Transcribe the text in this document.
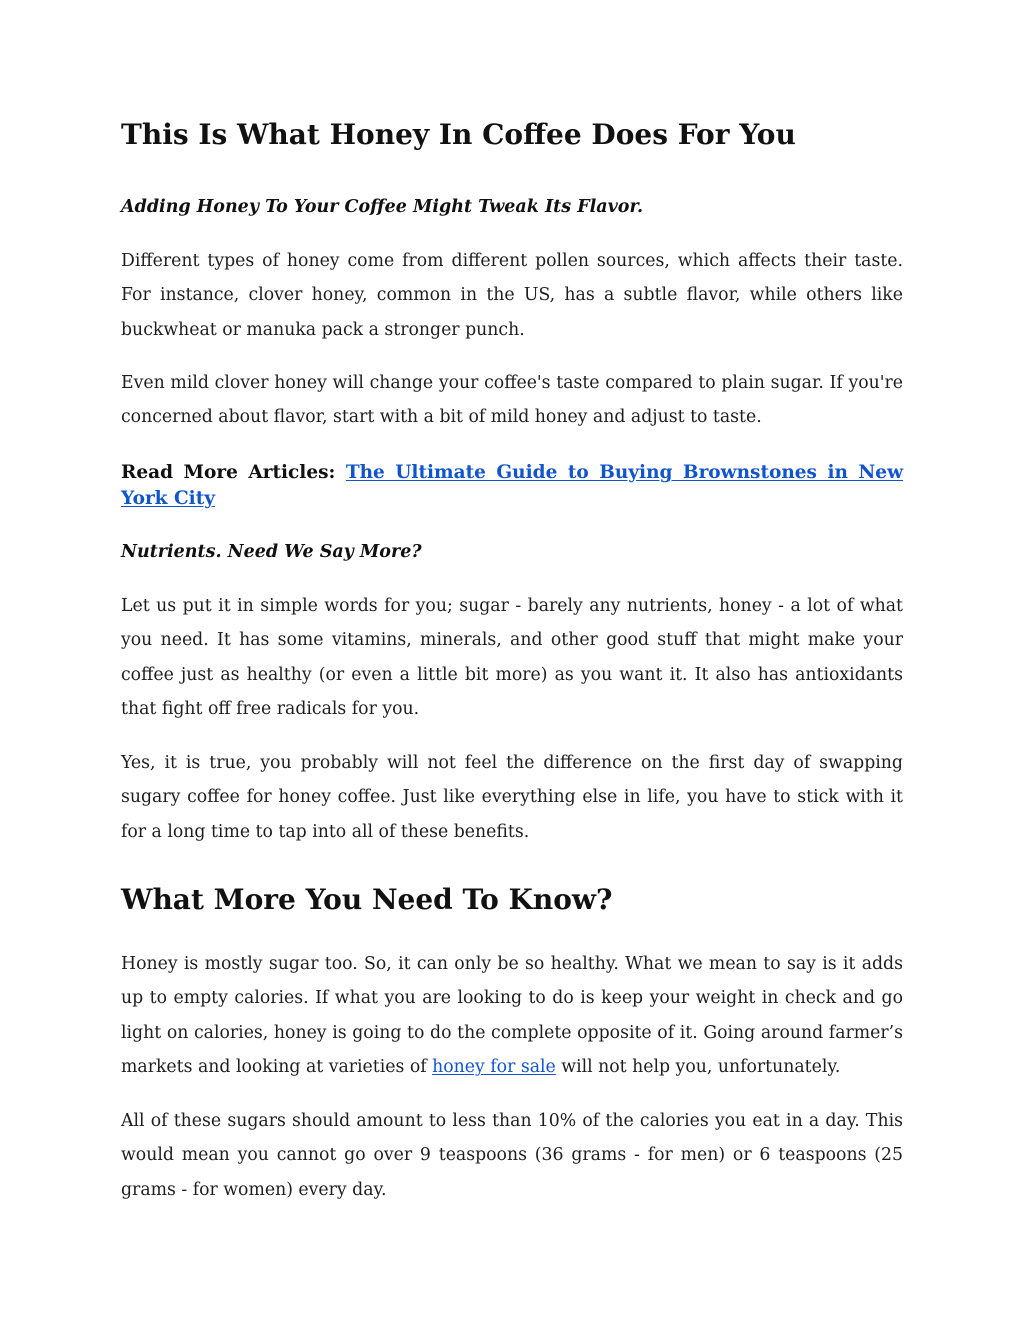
This Is What Honey In Coffee Does For You
Adding Honey To Your Coffee Might Tweak Its Flavor.

Different types of honey come from different pollen sources, which affects their taste. For instance, clover honey, common in the US, has a subtle flavor, while others like buckwheat or manuka pack a stronger punch.

Even mild clover honey will change your coffee's taste compared to plain sugar. If you're concerned about flavor, start with a bit of mild honey and adjust to taste.

Read More Articles: The Ultimate Guide to Buying Brownstones in New York City

Nutrients. Need We Say More?

Let us put it in simple words for you; sugar - barely any nutrients, honey - a lot of what you need. It has some vitamins, minerals, and other good stuff that might make your coffee just as healthy (or even a little bit more) as you want it. It also has antioxidants that fight off free radicals for you.

Yes, it is true, you probably will not feel the difference on the first day of swapping sugary coffee for honey coffee. Just like everything else in life, you have to stick with it for a long time to tap into all of these benefits.

What More You Need To Know?

Honey is mostly sugar too. So, it can only be so healthy. What we mean to say is it adds up to empty calories. If what you are looking to do is keep your weight in check and go light on calories, honey is going to do the complete opposite of it. Going around farmer’s markets and looking at varieties of honey for sale will not help you, unfortunately.

All of these sugars should amount to less than 10% of the calories you eat in a day. This would mean you cannot go over 9 teaspoons (36 grams - for men) or 6 teaspoons (25 grams - for women) every day.
